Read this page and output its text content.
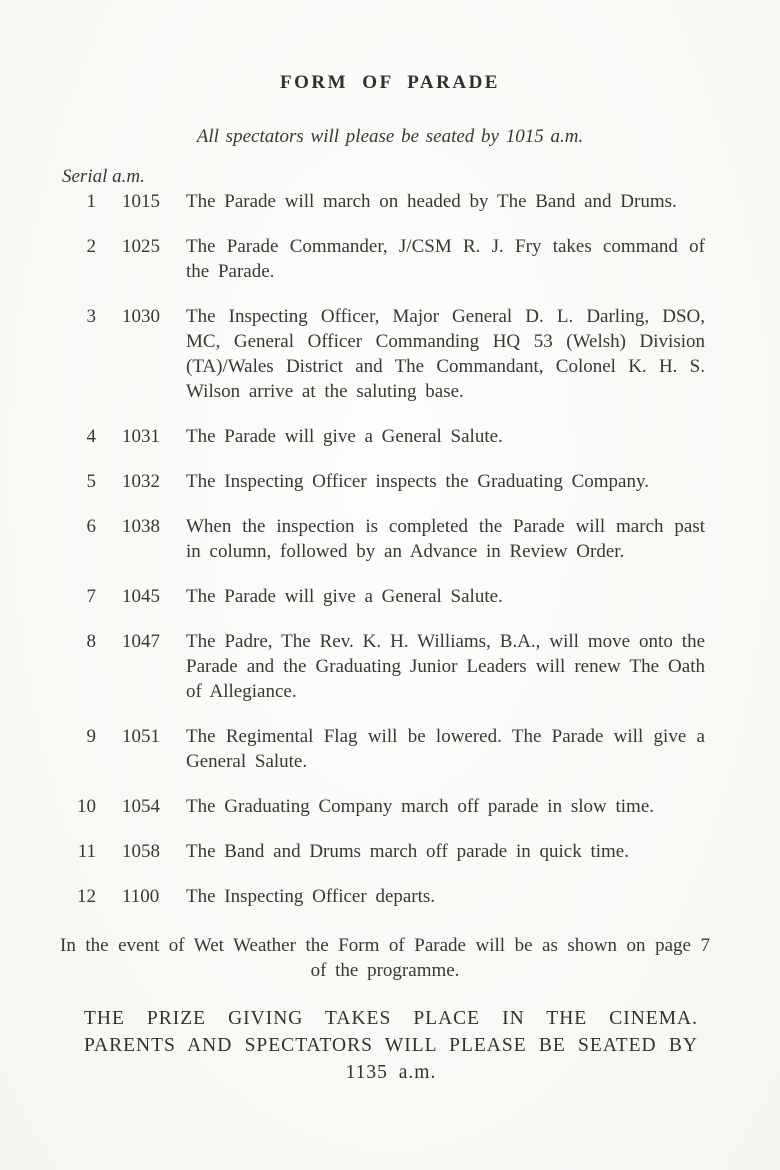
FORM OF PARADE
All spectators will please be seated by 1015 a.m.
Serial a.m.
1	1015	The Parade will march on headed by The Band and Drums.
2	1025	The Parade Commander, J/CSM R. J. Fry takes command of the Parade.
3	1030	The Inspecting Officer, Major General D. L. Darling, DSO, MC, General Officer Commanding HQ 53 (Welsh) Division (TA)/Wales District and The Commandant, Colonel K. H. S. Wilson arrive at the saluting base.
4	1031	The Parade will give a General Salute.
5	1032	The Inspecting Officer inspects the Graduating Company.
6	1038	When the inspection is completed the Parade will march past in column, followed by an Advance in Review Order.
7	1045	The Parade will give a General Salute.
8	1047	The Padre, The Rev. K. H. Williams, B.A., will move onto the Parade and the Graduating Junior Leaders will renew The Oath of Allegiance.
9	1051	The Regimental Flag will be lowered. The Parade will give a General Salute.
10	1054	The Graduating Company march off parade in slow time.
11	1058	The Band and Drums march off parade in quick time.
12	1100	The Inspecting Officer departs.
In the event of Wet Weather the Form of Parade will be as shown on page 7 of the programme.
THE PRIZE GIVING TAKES PLACE IN THE CINEMA. PARENTS AND SPECTATORS WILL PLEASE BE SEATED BY 1135 a.m.
